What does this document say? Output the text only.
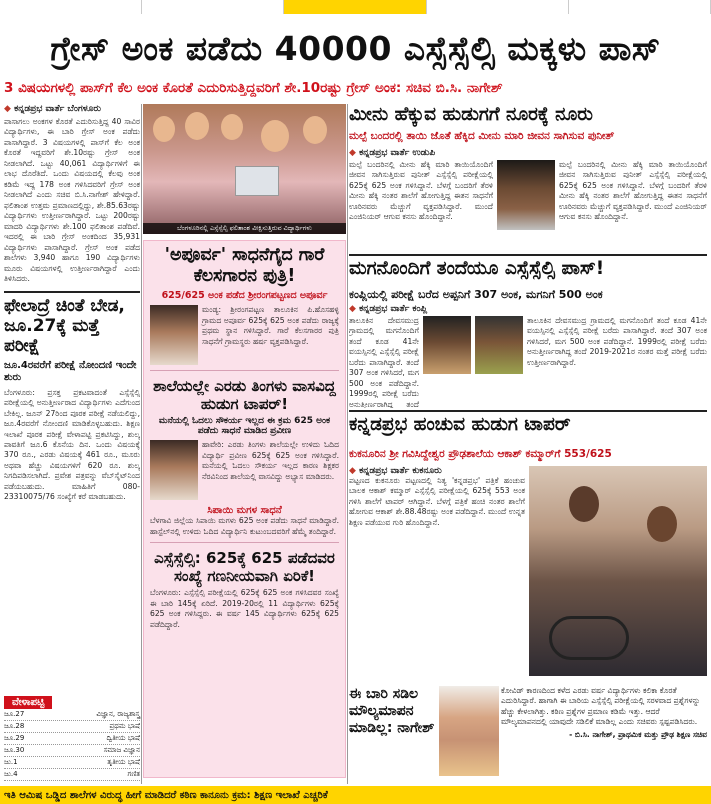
ಗ್ರೇಸ್ ಅಂಕ ಪಡೆದು 40000 ಎಸ್ಸೆಸ್ಸೆಲ್ಸಿ ಮಕ್ಕಳು ಪಾಸ್
3 ವಿಷಯಗಳಲ್ಲಿ ಪಾಸ್‌ಗೆ ಕೆಲ ಅಂಕ ಕೊರತೆ ಎದುರಿಸುತ್ತಿದ್ದವರಿಗೆ ಶೇ.10ರಷ್ಟು ಗ್ರೇಸ್ ಅಂಕ: ಸಚಿವ ಬಿ.ಸಿ. ನಾಗೇಶ್
◆ ಕನ್ನಡಪ್ರಭ ವಾರ್ತೆ ಬೆಂಗಳೂರು
ಪಾಸಾಗಲು ಅಂಕಗಳ ಕೊರತೆ ಎದುರಿಸುತ್ತಿದ್ದ 40 ಸಾವಿರ ವಿದ್ಯಾರ್ಥಿಗಳು, ಈ ಬಾರಿ ಗ್ರೇಸ್ ಅಂಕ ಪಡೆದು ಪಾಸಾಗಿದ್ದಾರೆ. 3 ವಿಷಯಗಳಲ್ಲಿ ಪಾಸ್‌ಗೆ ಕೆಲ ಅಂಕ ಕೊರತೆ ಇದ್ದವರಿಗೆ ಶೇ.10ರಷ್ಟು ಗ್ರೇಸ್ ಅಂಕ ನೀಡಲಾಗಿದೆ. ಒಟ್ಟು 40,061 ವಿದ್ಯಾರ್ಥಿಗಳಿಗೆ ಈ ಲಾಭ ದೊರೆತಿದೆ. ಒಂದು ವಿಷಯದಲ್ಲಿ ಕೆಲವು ಅಂಕ ಕಡಿಮೆ ಇದ್ದ 178 ಅಂಕ ಗಳಿಸಿದವರಿಗೆ ಗ್ರೇಸ್ ಅಂಕ ನೀಡಲಾಗಿದೆ ಎಂದು ಸಚಿವ ಬಿ.ಸಿ.ನಾಗೇಶ್ ಹೇಳಿದ್ದಾರೆ. ಫಲಿತಾಂಶ ಉತ್ತಮ ಪ್ರಮಾಣದಲ್ಲಿದ್ದು, ಶೇ.85.63ರಷ್ಟು ವಿದ್ಯಾರ್ಥಿಗಳು ಉತ್ತೀರ್ಣರಾಗಿದ್ದಾರೆ. ಒಟ್ಟು 200ರಷ್ಟು ಮಾದರಿ ವಿದ್ಯಾರ್ಥಿಗಳು ಶೇ.100 ಫಲಿತಾಂಶ ಪಡೆದಿವೆ. ಇದರಲ್ಲಿ ಈ ಬಾರಿ ಗ್ರೇಸ್ ಅಂಕದಿಂದ 35,931 ವಿದ್ಯಾರ್ಥಿಗಳು ಪಾಸಾಗಿದ್ದಾರೆ. ಗ್ರೇಸ್ ಅಂಕ ಪಡೆದ ಶಾಲೆಗಳು 3,940 ಹಾಗೂ 190 ವಿದ್ಯಾರ್ಥಿಗಳು ಮೂರು ವಿಷಯಗಳಲ್ಲಿ ಉತ್ತೀರ್ಣರಾಗಿದ್ದಾರೆ ಎಂದು ತಿಳಿಸಿದರು.
ಫೇಲಾದ್ರೆ ಚಿಂತೆ ಬೇಡ, ಜೂ.27ಕ್ಕೆ ಮತ್ತೆ ಪರೀಕ್ಷೆ
ಜೂ.4ರವರೆಗೆ ಪರೀಕ್ಷೆ ನೋಂದಣಿ ಇಂದೇ ಶುರು
ಬೆಂಗಳೂರು: ಪ್ರಸಕ್ತ ಪ್ರಕಟವಾದಂತೆ ಎಸ್ಸೆಸ್ಸೆಲ್ಸಿ ಪರೀಕ್ಷೆಯಲ್ಲಿ ಅನುತ್ತೀರ್ಣರಾದ ವಿದ್ಯಾರ್ಥಿಗಳು ಎದೆಗುಂದ ಬೇಕಿಲ್ಲ. ಜೂನ್ 27ರಿಂದ ಪೂರಕ ಪರೀಕ್ಷೆ ನಡೆಯಲಿದ್ದು, ಜೂ.4ರವರೆಗೆ ನೋಂದಣಿ ಮಾಡಿಕೊಳ್ಳಬಹುದು. ಶಿಕ್ಷಣ ಇಲಾಖೆ ಪೂರಕ ಪರೀಕ್ಷೆ ವೇಳಾಪಟ್ಟಿ ಪ್ರಕಟಿಸಿದ್ದು, ಶುಲ್ಕ ಪಾವತಿಗೆ ಜೂ.6 ಕೊನೆಯ ದಿನ. ಒಂದು ವಿಷಯಕ್ಕೆ 370 ರೂ., ಎರಡು ವಿಷಯಕ್ಕೆ 461 ರೂ., ಮೂರು ಅಥವಾ ಹೆಚ್ಚು ವಿಷಯಗಳಿಗೆ 620 ರೂ. ಶುಲ್ಕ ನಿಗದಿಪಡಿಸಲಾಗಿದೆ. ಪ್ರವೇಶ ಪತ್ರವನ್ನು ವೆಬ್‌ಸೈಟ್‌ನಿಂದ ಪಡೆಯಬಹುದು. ಮಾಹಿತಿಗೆ 080-23310075/76 ಸಂಖ್ಯೆಗೆ ಕರೆ ಮಾಡಬಹುದು.
ವೇಳಾಪಟ್ಟಿ
ಜೂ.27	ವಿಜ್ಞಾನ, ರಾಜ್ಯಶಾಸ್ತ್ರ
ಜೂ.28	ಪ್ರಥಮ ಭಾಷೆ
ಜೂ.29	ದ್ವಿತೀಯ ಭಾಷೆ
ಜೂ.30	ಸಮಾಜ ವಿಜ್ಞಾನ
ಜು.1	ತೃತೀಯ ಭಾಷೆ
ಜು.4	ಗಣಿತ
ಬೆಂಗಳೂರಿನಲ್ಲಿ ಎಸ್ಸೆಸ್ಸೆಲ್ಸಿ ಫಲಿತಾಂಶ ವೀಕ್ಷಿಸುತ್ತಿರುವ ವಿದ್ಯಾರ್ಥಿಗಳು
'ಅಪೂರ್ವ' ಸಾಧನೆಗೈದ ಗಾರೆ ಕೆಲಸಗಾರನ ಪುತ್ರಿ!
625/625 ಅಂಕ ಪಡೆದ ಶ್ರೀರಂಗಪಟ್ಟಣದ ಅಪೂರ್ವ
ಮಂಡ್ಯ: ಶ್ರೀರಂಗಪಟ್ಟಣ ತಾಲೂಕಿನ ಪಿ.ಹೊಸಹಳ್ಳಿ ಗ್ರಾಮದ ಅಪೂರ್ವ 625ಕ್ಕೆ 625 ಅಂಕ ಪಡೆದು ರಾಜ್ಯಕ್ಕೆ ಪ್ರಥಮ ಸ್ಥಾನ ಗಳಿಸಿದ್ದಾರೆ. ಗಾರೆ ಕೆಲಸಗಾರರ ಪುತ್ರಿ ಸಾಧನೆಗೆ ಗ್ರಾಮಸ್ಥರು ಹರ್ಷ ವ್ಯಕ್ತಪಡಿಸಿದ್ದಾರೆ.
ಶಾಲೆಯಲ್ಲೇ ಎರಡು ತಿಂಗಳು ವಾಸವಿದ್ದ ಹುಡುಗ ಟಾಪರ್!
ಮನೆಯಲ್ಲಿ ಓದಲು ಸೌಕರ್ಯ ಇಲ್ಲದ ಈ ಕ್ರಮ 625 ಅಂಕ ಪಡೆದು ಸಾಧನೆ ಮಾಡಿದ ಪ್ರವೀಣ
ಹಾವೇರಿ: ಎರಡು ತಿಂಗಳು ಶಾಲೆಯಲ್ಲೇ ಉಳಿದು ಓದಿದ ವಿದ್ಯಾರ್ಥಿ ಪ್ರವೀಣ 625ಕ್ಕೆ 625 ಅಂಕ ಗಳಿಸಿದ್ದಾರೆ. ಮನೆಯಲ್ಲಿ ಓದಲು ಸೌಕರ್ಯ ಇಲ್ಲದ ಕಾರಣ ಶಿಕ್ಷಕರ ನೆರವಿನಿಂದ ಶಾಲೆಯಲ್ಲಿ ವಾಸವಿದ್ದು ಅಭ್ಯಾಸ ಮಾಡಿದರು.
ಸಿಪಾಯಿ ಮಗಳ ಸಾಧನೆ
ಬೆಳಗಾವಿ ಜಿಲ್ಲೆಯ ಸಿಪಾಯಿ ಮಗಳು 625 ಅಂಕ ಪಡೆದು ಸಾಧನೆ ಮಾಡಿದ್ದಾರೆ. ಹಾಸ್ಟೆಲ್‌ನಲ್ಲಿ ಉಳಿದು ಓದಿದ ವಿದ್ಯಾರ್ಥಿನಿ ಕುಟುಂಬದವರಿಗೆ ಹೆಮ್ಮೆ ತಂದಿದ್ದಾರೆ.
ಎಸ್ಸೆಸ್ಸೆಲ್ಸಿ: 625ಕ್ಕೆ 625 ಪಡೆದವರ ಸಂಖ್ಯೆ ಗಣನೀಯವಾಗಿ ಏರಿಕೆ!
ಬೆಂಗಳೂರು: ಎಸ್ಸೆಸ್ಸೆಲ್ಸಿ ಪರೀಕ್ಷೆಯಲ್ಲಿ 625ಕ್ಕೆ 625 ಅಂಕ ಗಳಿಸಿದವರ ಸಂಖ್ಯೆ ಈ ಬಾರಿ 145ಕ್ಕೆ ಏರಿದೆ. 2019-20ರಲ್ಲಿ 11 ವಿದ್ಯಾರ್ಥಿಗಳು 625ಕ್ಕೆ 625 ಅಂಕ ಗಳಿಸಿದ್ದರು. ಈ ವರ್ಷ 145 ವಿದ್ಯಾರ್ಥಿಗಳು 625ಕ್ಕೆ 625 ಪಡೆದಿದ್ದಾರೆ.
ಮೀನು ಹೆಕ್ಕುವ ಹುಡುಗಗೆ ನೂರಕ್ಕೆ ನೂರು
ಮಲ್ಪೆ ಬಂದರಲ್ಲಿ ತಾಯಿ ಜೊತೆ ಹೆಕ್ಕಿದ ಮೀನು ಮಾರಿ ಜೀವನ ಸಾಗಿಸುವ ಪುನೀತ್
◆ ಕನ್ನಡಪ್ರಭ ವಾರ್ತೆ ಉಡುಪಿ
ಮಲ್ಪೆ ಬಂದರಿನಲ್ಲಿ ಮೀನು ಹೆಕ್ಕಿ ಮಾರಿ ತಾಯಿಯೊಂದಿಗೆ ಜೀವನ ಸಾಗಿಸುತ್ತಿರುವ ಪುನೀತ್ ಎಸ್ಸೆಸ್ಸೆಲ್ಸಿ ಪರೀಕ್ಷೆಯಲ್ಲಿ 625ಕ್ಕೆ 625 ಅಂಕ ಗಳಿಸಿದ್ದಾನೆ. ಬೆಳಗ್ಗೆ ಬಂದರಿಗೆ ತೆರಳಿ ಮೀನು ಹೆಕ್ಕಿ ನಂತರ ಶಾಲೆಗೆ ಹೋಗುತ್ತಿದ್ದ ಈತನ ಸಾಧನೆಗೆ ಊರಿನವರು ಮೆಚ್ಚುಗೆ ವ್ಯಕ್ತಪಡಿಸಿದ್ದಾರೆ. ಮುಂದೆ ಎಂಜಿನಿಯರ್ ಆಗುವ ಕನಸು ಹೊಂದಿದ್ದಾನೆ.
ಮಲ್ಪೆ ಬಂದರಿನಲ್ಲಿ ಮೀನು ಹೆಕ್ಕಿ ಮಾರಿ ತಾಯಿಯೊಂದಿಗೆ ಜೀವನ ಸಾಗಿಸುತ್ತಿರುವ ಪುನೀತ್ ಎಸ್ಸೆಸ್ಸೆಲ್ಸಿ ಪರೀಕ್ಷೆಯಲ್ಲಿ 625ಕ್ಕೆ 625 ಅಂಕ ಗಳಿಸಿದ್ದಾನೆ. ಬೆಳಗ್ಗೆ ಬಂದರಿಗೆ ತೆರಳಿ ಮೀನು ಹೆಕ್ಕಿ ನಂತರ ಶಾಲೆಗೆ ಹೋಗುತ್ತಿದ್ದ ಈತನ ಸಾಧನೆಗೆ ಊರಿನವರು ಮೆಚ್ಚುಗೆ ವ್ಯಕ್ತಪಡಿಸಿದ್ದಾರೆ. ಮುಂದೆ ಎಂಜಿನಿಯರ್ ಆಗುವ ಕನಸು ಹೊಂದಿದ್ದಾನೆ.
ಮಗನೊಂದಿಗೆ ತಂದೆಯೂ ಎಸ್ಸೆಸ್ಸೆಲ್ಸಿ ಪಾಸ್!
ಕಂಪ್ಲಿಯಲ್ಲಿ ಪರೀಕ್ಷೆ ಬರೆದ ಅಪ್ಪನಿಗೆ 307 ಅಂಕ, ಮಗನಿಗೆ 500 ಅಂಕ
◆ ಕನ್ನಡಪ್ರಭ ವಾರ್ತೆ ಕಂಪ್ಲಿ
ತಾಲೂಕಿನ ದೇವಸಮುದ್ರ ಗ್ರಾಮದಲ್ಲಿ ಮಗನೊಂದಿಗೆ ತಂದೆ ಕೂಡ 41ನೇ ವಯಸ್ಸಿನಲ್ಲಿ ಎಸ್ಸೆಸ್ಸೆಲ್ಸಿ ಪರೀಕ್ಷೆ ಬರೆದು ಪಾಸಾಗಿದ್ದಾರೆ. ತಂದೆ 307 ಅಂಕ ಗಳಿಸಿದರೆ, ಮಗ 500 ಅಂಕ ಪಡೆದಿದ್ದಾನೆ. 1999ರಲ್ಲಿ ಪರೀಕ್ಷೆ ಬರೆದು ಅನುತ್ತೀರ್ಣರಾಗಿದ್ದ ತಂದೆ
ತಾಲೂಕಿನ ದೇವಸಮುದ್ರ ಗ್ರಾಮದಲ್ಲಿ ಮಗನೊಂದಿಗೆ ತಂದೆ ಕೂಡ 41ನೇ ವಯಸ್ಸಿನಲ್ಲಿ ಎಸ್ಸೆಸ್ಸೆಲ್ಸಿ ಪರೀಕ್ಷೆ ಬರೆದು ಪಾಸಾಗಿದ್ದಾರೆ. ತಂದೆ 307 ಅಂಕ ಗಳಿಸಿದರೆ, ಮಗ 500 ಅಂಕ ಪಡೆದಿದ್ದಾನೆ. 1999ರಲ್ಲಿ ಪರೀಕ್ಷೆ ಬರೆದು ಅನುತ್ತೀರ್ಣರಾಗಿದ್ದ ತಂದೆ 2019-2021ರ ನಂತರ ಮತ್ತೆ ಪರೀಕ್ಷೆ ಬರೆದು ಉತ್ತೀರ್ಣರಾಗಿದ್ದಾರೆ.
ಕನ್ನಡಪ್ರಭ ಹಂಚುವ ಹುಡುಗ ಟಾಪರ್
ಕುಕನೂರಿನ ಶ್ರೀ ಗವಿಸಿದ್ದೇಶ್ವರ ಪ್ರೌಢಶಾಲೆಯ ಆಕಾಶ್ ಕಮ್ಮಾರ್‌ಗೆ 553/625
◆ ಕನ್ನಡಪ್ರಭ ವಾರ್ತೆ ಕುಕನೂರು
ಪಟ್ಟಣದ ಕುಕನೂರು ಪಟ್ಟಣದಲ್ಲಿ ನಿತ್ಯ 'ಕನ್ನಡಪ್ರಭ' ಪತ್ರಿಕೆ ಹಂಚುವ ಬಾಲಕ ಆಕಾಶ್ ಕಮ್ಮಾರ್ ಎಸ್ಸೆಸ್ಸೆಲ್ಸಿ ಪರೀಕ್ಷೆಯಲ್ಲಿ 625ಕ್ಕೆ 553 ಅಂಕ ಗಳಿಸಿ ಶಾಲೆಗೆ ಟಾಪರ್ ಆಗಿದ್ದಾನೆ. ಬೆಳಗ್ಗೆ ಪತ್ರಿಕೆ ಹಂಚಿ ನಂತರ ಶಾಲೆಗೆ ಹೋಗುವ ಆಕಾಶ್ ಶೇ.88.48ರಷ್ಟು ಅಂಕ ಪಡೆದಿದ್ದಾನೆ. ಮುಂದೆ ಉನ್ನತ ಶಿಕ್ಷಣ ಪಡೆಯುವ ಗುರಿ ಹೊಂದಿದ್ದಾನೆ.
ಈ ಬಾರಿ ಸಡಿಲ ಮೌಲ್ಯಮಾಪನ ಮಾಡಿಲ್ಲ: ನಾಗೇಶ್
ಕೋವಿಡ್ ಕಾರಣದಿಂದ ಕಳೆದ ಎರಡು ವರ್ಷ ವಿದ್ಯಾರ್ಥಿಗಳು ಕಲಿಕಾ ಕೊರತೆ ಎದುರಿಸಿದ್ದಾರೆ. ಹಾಗಾಗಿ ಈ ಬಾರಿಯ ಎಸ್ಸೆಸ್ಸೆಲ್ಸಿ ಪರೀಕ್ಷೆಯಲ್ಲಿ ಸರಳವಾದ ಪ್ರಶ್ನೆಗಳನ್ನು ಹೆಚ್ಚು ಕೇಳಲಾಗಿತ್ತು. ಕಠಿಣ ಪ್ರಶ್ನೆಗಳ ಪ್ರಮಾಣ ಕಡಿಮೆ ಇತ್ತು. ಆದರೆ ಮೌಲ್ಯಮಾಪನದಲ್ಲಿ ಯಾವುದೇ ಸಡಿಲಿಕೆ ಮಾಡಿಲ್ಲ ಎಂದು ಸಚಿವರು ಸ್ಪಷ್ಟಪಡಿಸಿದರು.
- ಬಿ.ಸಿ. ನಾಗೇಶ್, ಪ್ರಾಥಮಿಕ ಮತ್ತು ಪ್ರೌಢ ಶಿಕ್ಷಣ ಸಚಿವ
ಇತಿ ಆಮಿಷ ಒಡ್ಡಿದ ಶಾಲೆಗಳ ವಿರುದ್ಧ ಹೀಗೆ ಮಾಡಿದರೆ ಕಠಿಣ ಕಾನೂನು ಕ್ರಮ: ಶಿಕ್ಷಣ ಇಲಾಖೆ ಎಚ್ಚರಿಕೆ
